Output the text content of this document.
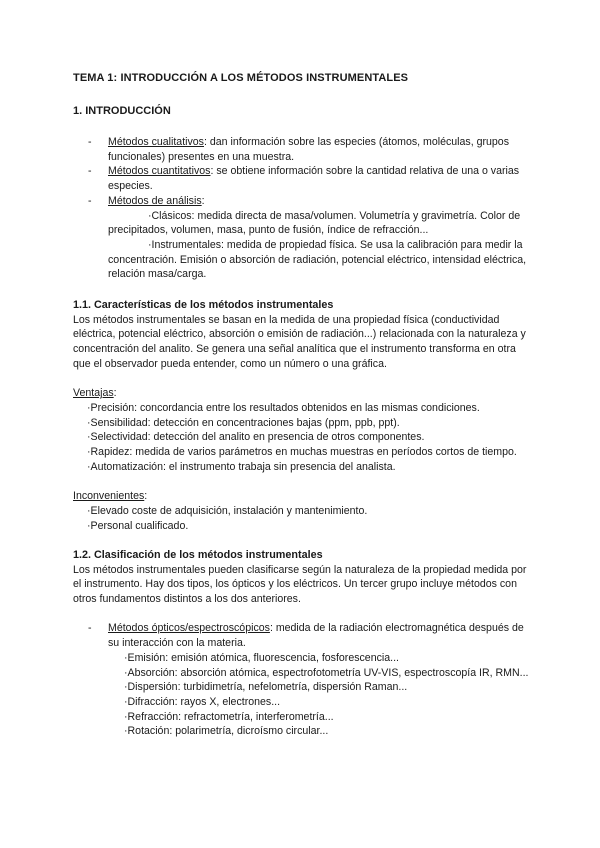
TEMA 1: INTRODUCCIÓN A LOS MÉTODOS INSTRUMENTALES
1. INTRODUCCIÓN
- Métodos cualitativos: dan información sobre las especies (átomos, moléculas, grupos funcionales) presentes en una muestra.
- Métodos cuantitativos: se obtiene información sobre la cantidad relativa de una o varias especies.
- Métodos de análisis:
·Clásicos: medida directa de masa/volumen. Volumetría y gravimetría. Color de precipitados, volumen, masa, punto de fusión, índice de refracción...
·Instrumentales: medida de propiedad física. Se usa la calibración para medir la concentración. Emisión o absorción de radiación, potencial eléctrico, intensidad eléctrica, relación masa/carga.
1.1. Características de los métodos instrumentales

Los métodos instrumentales se basan en la medida de una propiedad física (conductividad eléctrica, potencial eléctrico, absorción o emisión de radiación...) relacionada con la naturaleza y concentración del analito. Se genera una señal analítica que el instrumento transforma en otra que el observador pueda entender, como un número o una gráfica.

Ventajas:

·Precisión: concordancia entre los resultados obtenidos en las mismas condiciones.
·Sensibilidad: detección en concentraciones bajas (ppm, ppb, ppt).
·Selectividad: detección del analito en presencia de otros componentes.
·Rapidez: medida de varios parámetros en muchas muestras en períodos cortos de tiempo.
·Automatización: el instrumento trabaja sin presencia del analista.

Inconvenientes:

·Elevado coste de adquisición, instalación y mantenimiento.
·Personal cualificado.
1.2. Clasificación de los métodos instrumentales

Los métodos instrumentales pueden clasificarse según la naturaleza de la propiedad medida por el instrumento. Hay dos tipos, los ópticos y los eléctricos. Un tercer grupo incluye métodos con otros fundamentos distintos a los dos anteriores.

- Métodos ópticos/espectroscópicos: medida de la radiación electromagnética después de su interacción con la materia.
·Emisión: emisión atómica, fluorescencia, fosforescencia...
·Absorción: absorción atómica, espectrofotometría UV-VIS, espectroscopía IR, RMN...
·Dispersión: turbidimetría, nefelometría, dispersión Raman...
·Difracción: rayos X, electrones...
·Refracción: refractometría, interferometría...
·Rotación: polarimetría, dicroísmo circular...
